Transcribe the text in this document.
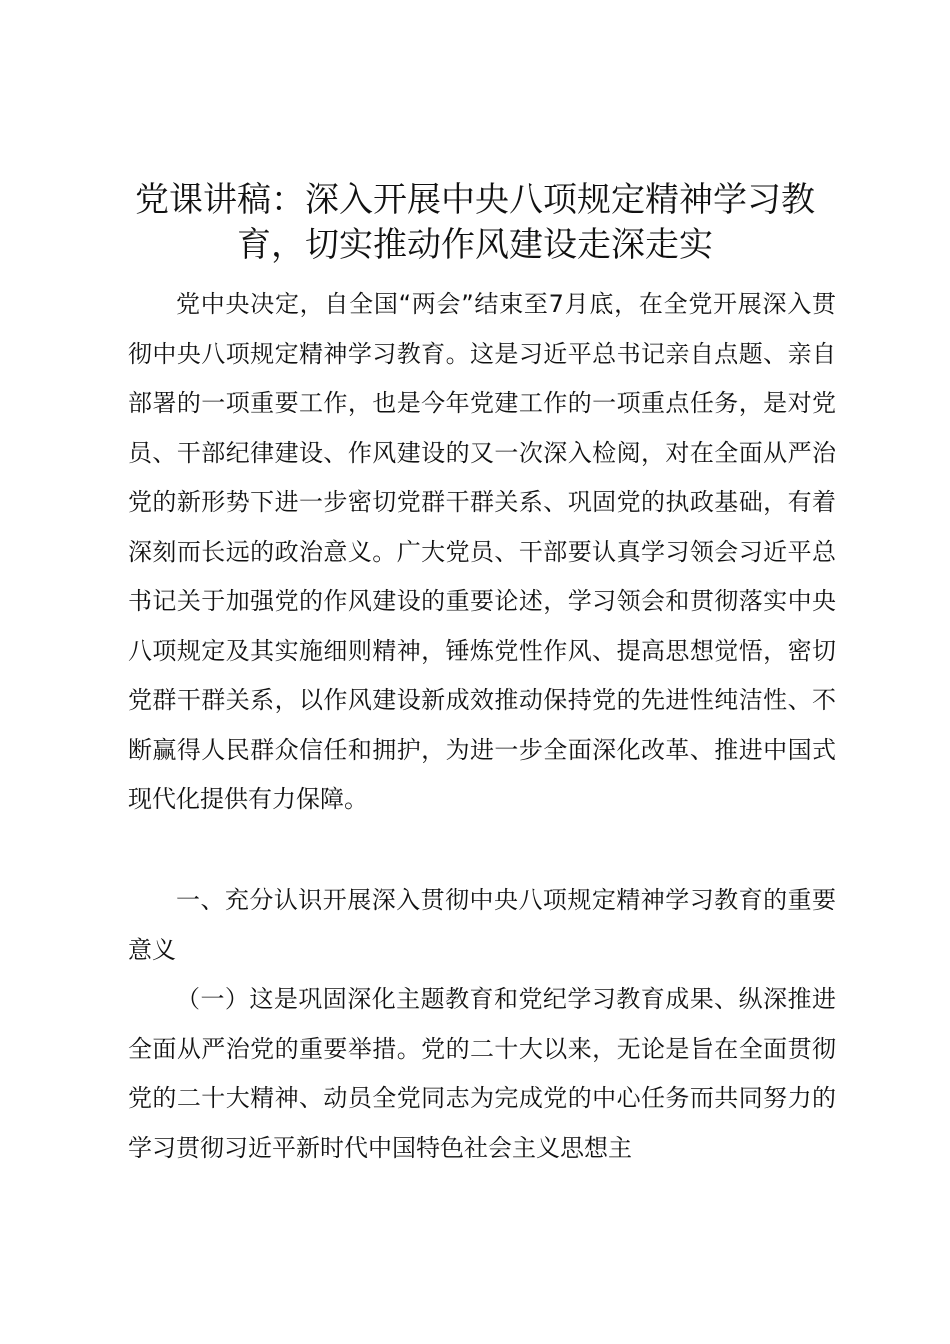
党课讲稿：深入开展中央八项规定精神学习教育，切实推动作风建设走深走实

党中央决定，自全国“两会”结束至7月底，在全党开展深入贯彻中央八项规定精神学习教育。这是习近平总书记亲自点题、亲自部署的一项重要工作，也是今年党建工作的一项重点任务，是对党员、干部纪律建设、作风建设的又一次深入检阅，对在全面从严治党的新形势下进一步密切党群干群关系、巩固党的执政基础，有着深刻而长远的政治意义。广大党员、干部要认真学习领会习近平总书记关于加强党的作风建设的重要论述，学习领会和贯彻落实中央八项规定及其实施细则精神，锤炼党性作风、提高思想觉悟，密切党群干群关系，以作风建设新成效推动保持党的先进性纯洁性、不断赢得人民群众信任和拥护，为进一步全面深化改革、推进中国式现代化提供有力保障。

一、充分认识开展深入贯彻中央八项规定精神学习教育的重要意义

（一）这是巩固深化主题教育和党纪学习教育成果、纵深推进全面从严治党的重要举措。党的二十大以来，无论是旨在全面贯彻党的二十大精神、动员全党同志为完成党的中心任务而共同努力的学习贯彻习近平新时代中国特色社会主义思想主
